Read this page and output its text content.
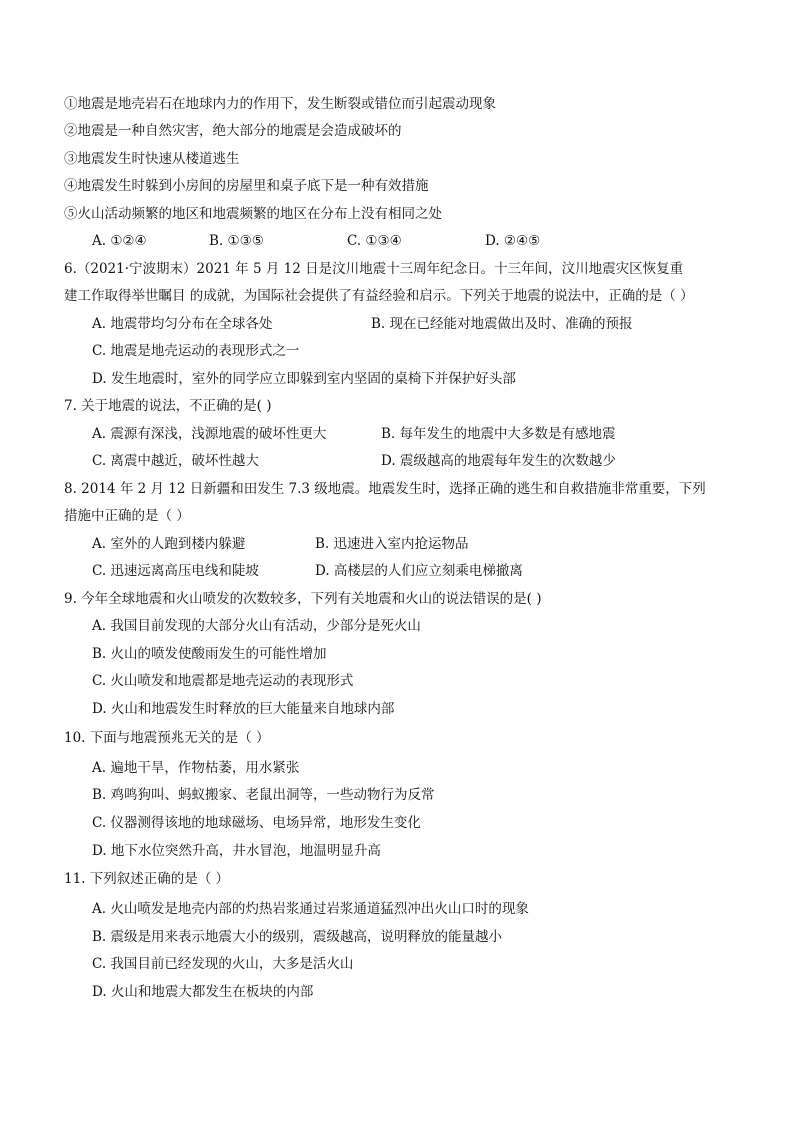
①地震是地壳岩石在地球内力的作用下，发生断裂或错位而引起震动现象
②地震是一种自然灾害，绝大部分的地震是会造成破坏的
③地震发生时快速从楼道逃生
④地震发生时躲到小房间的房屋里和桌子底下是一种有效措施
⑤火山活动频繁的地区和地震频繁的地区在分布上没有相同之处
A. ①②④	B. ①③⑤	C. ①③④	D. ②④⑤
6.（2021·宁波期末）2021 年 5 月 12 日是汶川地震十三周年纪念日。十三年间，汶川地震灾区恢复重
建工作取得举世瞩目 的成就，为国际社会提供了有益经验和启示。下列关于地震的说法中，正确的是（ ）
A. 地震带均匀分布在全球各处	B. 现在已经能对地震做出及时、准确的预报
C. 地震是地壳运动的表现形式之一
D. 发生地震时，室外的同学应立即躲到室内坚固的桌椅下并保护好头部
7. 关于地震的说法，不正确的是( )
A. 震源有深浅，浅源地震的破坏性更大	B. 每年发生的地震中大多数是有感地震
C. 离震中越近，破坏性越大	D. 震级越高的地震每年发生的次数越少
8. 2014 年 2 月 12 日新疆和田发生 7.3 级地震。地震发生时，选择正确的逃生和自救措施非常重要，下列
措施中正确的是（ ）
A. 室外的人跑到楼内躲避	B. 迅速进入室内抢运物品
C. 迅速远离高压电线和陡坡	D. 高楼层的人们应立刻乘电梯撤离
9. 今年全球地震和火山喷发的次数较多，下列有关地震和火山的说法错误的是( )
A. 我国目前发现的大部分火山有活动，少部分是死火山
B. 火山的喷发使酸雨发生的可能性增加
C. 火山喷发和地震都是地壳运动的表现形式
D. 火山和地震发生时释放的巨大能量来自地球内部
10. 下面与地震预兆无关的是（ ）
A. 遍地干旱，作物枯萎，用水紧张
B. 鸡鸣狗叫、蚂蚁搬家、老鼠出洞等，一些动物行为反常
C. 仪器测得该地的地球磁场、电场异常，地形发生变化
D. 地下水位突然升高，井水冒泡，地温明显升高
11. 下列叙述正确的是（ ）
A. 火山喷发是地壳内部的灼热岩浆通过岩浆通道猛烈冲出火山口时的现象
B. 震级是用来表示地震大小的级别，震级越高，说明释放的能量越小
C. 我国目前已经发现的火山，大多是活火山
D. 火山和地震大都发生在板块的内部
